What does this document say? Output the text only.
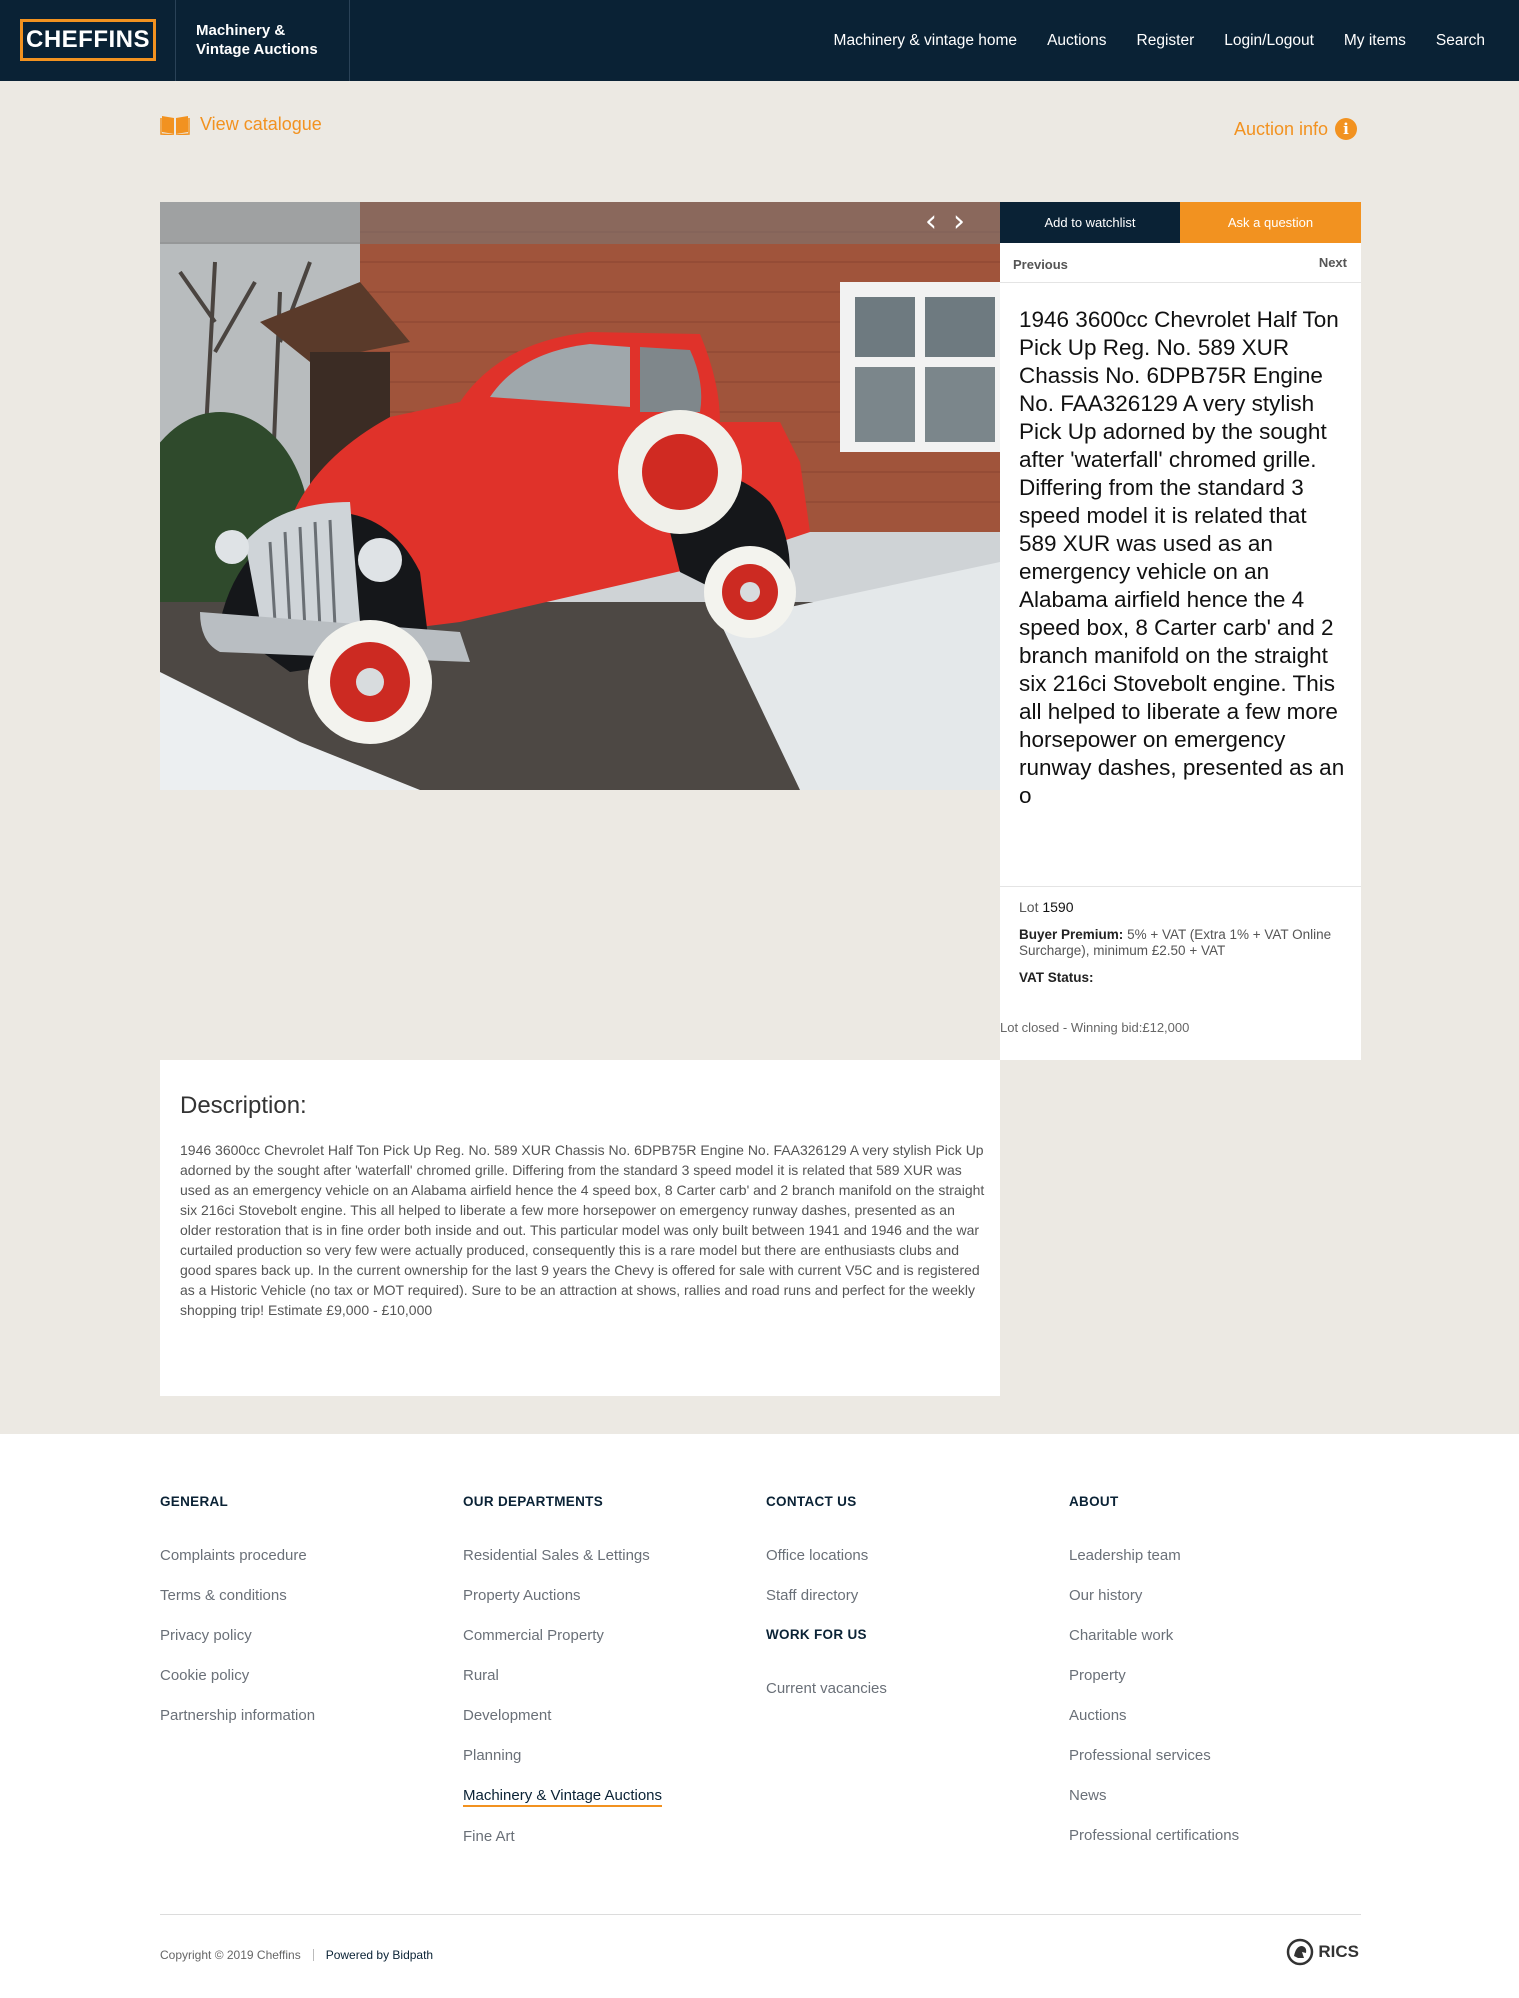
CHEFFINS	Machinery &
Vintage Auctions
Machinery & vintage home Auctions Register Login/Logout My items Search
View catalogue	Auction info	i
‹ ›	Add to watchlist	Ask a question
Previous	Next
1946 3600cc Chevrolet Half Ton Pick Up Reg. No. 589 XUR Chassis No. 6DPB75R Engine No. FAA326129 A very stylish Pick Up adorned by the sought after 'waterfall' chromed grille. Differing from the standard 3 speed model it is related that 589 XUR was used as an emergency vehicle on an Alabama airfield hence the 4 speed box, 8 Carter carb' and 2 branch manifold on the straight six 216ci Stovebolt engine. This all helped to liberate a few more horsepower on emergency runway dashes, presented as an o
Lot 1590
Buyer Premium: 5% + VAT (Extra 1% + VAT Online Surcharge), minimum £2.50 + VAT
VAT Status:
Lot closed - Winning bid:£12,000
Description:

1946 3600cc Chevrolet Half Ton Pick Up Reg. No. 589 XUR Chassis No. 6DPB75R Engine No. FAA326129 A very stylish Pick Up adorned by the sought after 'waterfall' chromed grille. Differing from the standard 3 speed model it is related that 589 XUR was used as an emergency vehicle on an Alabama airfield hence the 4 speed box, 8 Carter carb' and 2 branch manifold on the straight six 216ci Stovebolt engine. This all helped to liberate a few more horsepower on emergency runway dashes, presented as an older restoration that is in fine order both inside and out. This particular model was only built between 1941 and 1946 and the war curtailed production so very few were actually produced, consequently this is a rare model but there are enthusiasts clubs and good spares back up. In the current ownership for the last 9 years the Chevy is offered for sale with current V5C and is registered as a Historic Vehicle (no tax or MOT required). Sure to be an attraction at shows, rallies and road runs and perfect for the weekly shopping trip! Estimate £9,000 - £10,000

GENERAL
Complaints procedure
Terms & conditions
Privacy policy
Cookie policy
Partnership information
OUR DEPARTMENTS
Residential Sales & Lettings
Property Auctions
Commercial Property
Rural
Development
Planning
Machinery & Vintage Auctions
Fine Art
CONTACT US
Office locations
Staff directory
WORK FOR US
Current vacancies
ABOUT
Leadership team
Our history
Charitable work
Property
Auctions
Professional services
News
Professional certifications
Copyright © 2019 Cheffins Powered by Bidpath	RICS
